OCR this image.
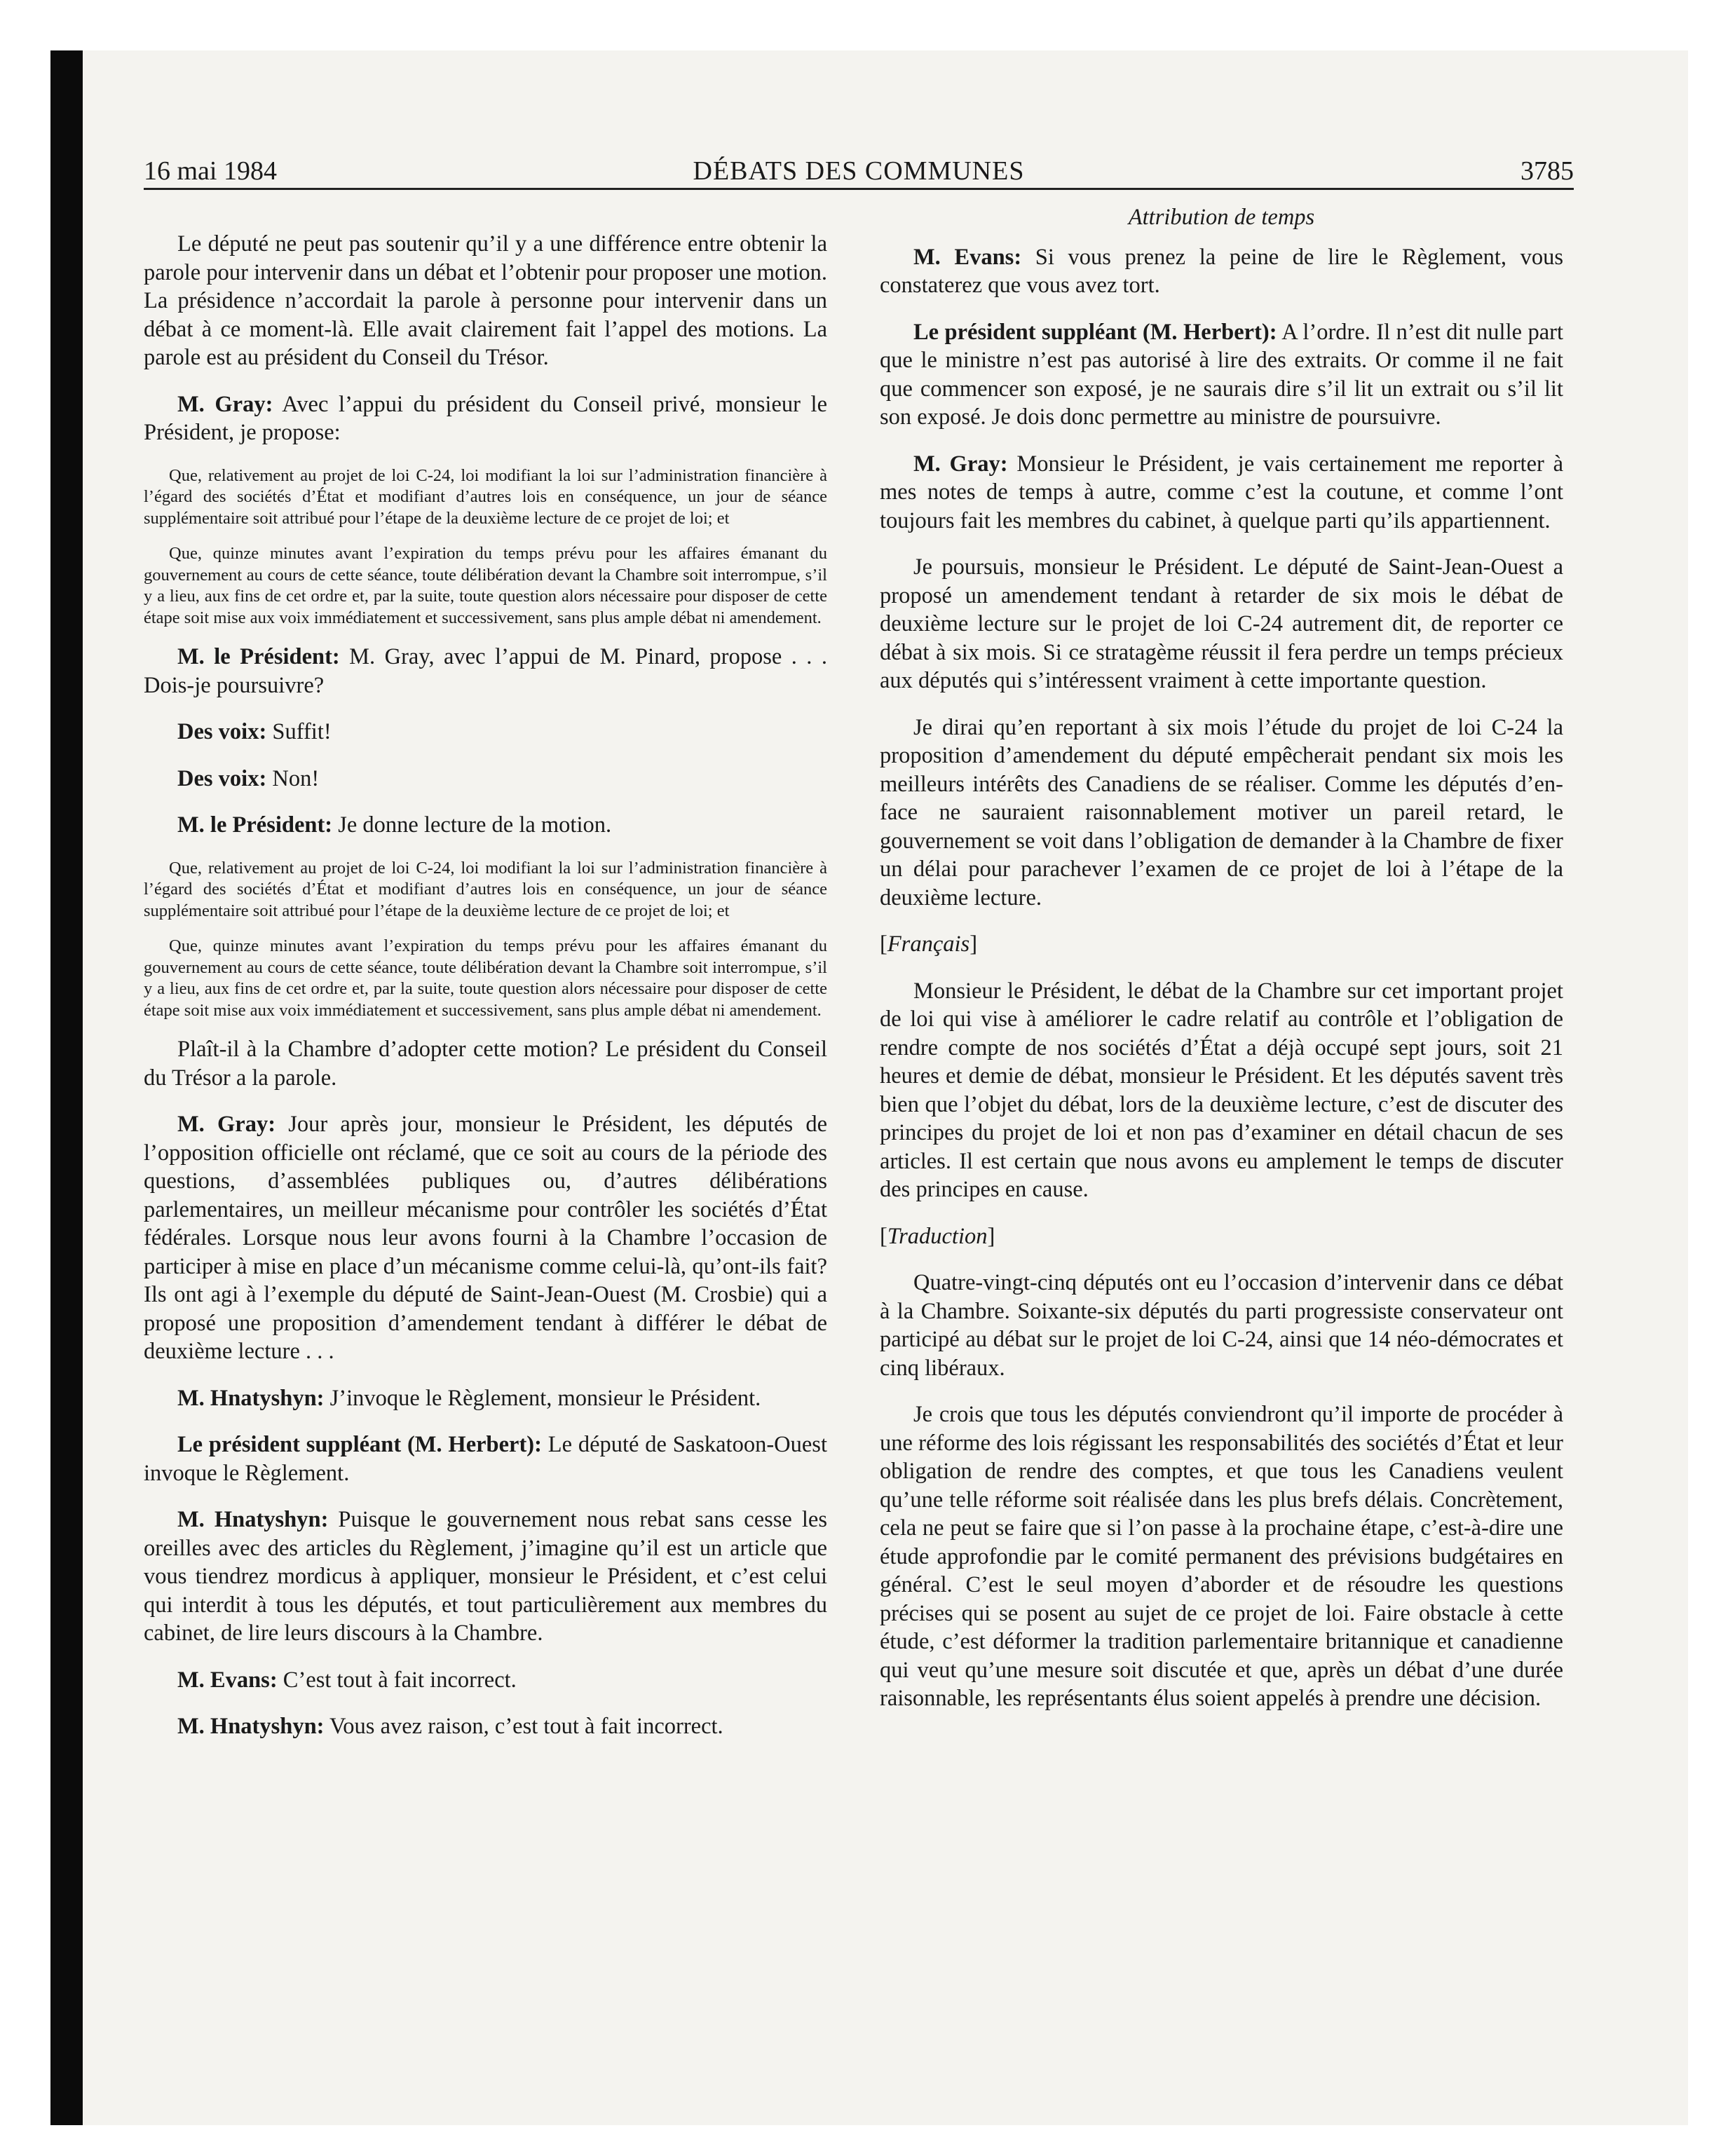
16 mai 1984	DÉBATS DES COMMUNES	3785

Le député ne peut pas soutenir qu’il y a une différence entre obtenir la parole pour intervenir dans un débat et l’obtenir pour proposer une motion. La présidence n’accordait la parole à personne pour intervenir dans un débat à ce moment-là. Elle avait clairement fait l’appel des motions. La parole est au président du Conseil du Trésor.

M. Gray: Avec l’appui du président du Conseil privé, monsieur le Président, je propose:

Que, relativement au projet de loi C-24, loi modifiant la loi sur l’administration financière à l’égard des sociétés d’État et modifiant d’autres lois en conséquence, un jour de séance supplémentaire soit attribué pour l’étape de la deuxième lecture de ce projet de loi; et

Que, quinze minutes avant l’expiration du temps prévu pour les affaires émanant du gouvernement au cours de cette séance, toute délibération devant la Chambre soit interrompue, s’il y a lieu, aux fins de cet ordre et, par la suite, toute question alors nécessaire pour disposer de cette étape soit mise aux voix immédiatement et successivement, sans plus ample débat ni amendement.

M. le Président: M. Gray, avec l’appui de M. Pinard, propose . . . Dois-je poursuivre?

Des voix: Suffit!

Des voix: Non!

M. le Président: Je donne lecture de la motion.

Que, relativement au projet de loi C-24, loi modifiant la loi sur l’administration financière à l’égard des sociétés d’État et modifiant d’autres lois en conséquence, un jour de séance supplémentaire soit attribué pour l’étape de la deuxième lecture de ce projet de loi; et

Que, quinze minutes avant l’expiration du temps prévu pour les affaires émanant du gouvernement au cours de cette séance, toute délibération devant la Chambre soit interrompue, s’il y a lieu, aux fins de cet ordre et, par la suite, toute question alors nécessaire pour disposer de cette étape soit mise aux voix immédiatement et successivement, sans plus ample débat ni amendement.

Plaît-il à la Chambre d’adopter cette motion? Le président du Conseil du Trésor a la parole.

M. Gray: Jour après jour, monsieur le Président, les députés de l’opposition officielle ont réclamé, que ce soit au cours de la période des questions, d’assemblées publiques ou, d’autres délibérations parlementaires, un meilleur mécanisme pour contrôler les sociétés d’État fédérales. Lorsque nous leur avons fourni à la Chambre l’occasion de participer à mise en place d’un mécanisme comme celui-là, qu’ont-ils fait? Ils ont agi à l’exemple du député de Saint-Jean-Ouest (M. Crosbie) qui a proposé une proposition d’amendement tendant à différer le débat de deuxième lecture . . .

M. Hnatyshyn: J’invoque le Règlement, monsieur le Président.

Le président suppléant (M. Herbert): Le député de Saskatoon-Ouest invoque le Règlement.

M. Hnatyshyn: Puisque le gouvernement nous rebat sans cesse les oreilles avec des articles du Règlement, j’imagine qu’il est un article que vous tiendrez mordicus à appliquer, monsieur le Président, et c’est celui qui interdit à tous les députés, et tout particulièrement aux membres du cabinet, de lire leurs discours à la Chambre.

M. Evans: C’est tout à fait incorrect.

M. Hnatyshyn: Vous avez raison, c’est tout à fait incorrect.

Attribution de temps

M. Evans: Si vous prenez la peine de lire le Règlement, vous constaterez que vous avez tort.

Le président suppléant (M. Herbert): A l’ordre. Il n’est dit nulle part que le ministre n’est pas autorisé à lire des extraits. Or comme il ne fait que commencer son exposé, je ne saurais dire s’il lit un extrait ou s’il lit son exposé. Je dois donc permettre au ministre de poursuivre.

M. Gray: Monsieur le Président, je vais certainement me reporter à mes notes de temps à autre, comme c’est la coutune, et comme l’ont toujours fait les membres du cabinet, à quelque parti qu’ils appartiennent.

Je poursuis, monsieur le Président. Le député de Saint-Jean-Ouest a proposé un amendement tendant à retarder de six mois le débat de deuxième lecture sur le projet de loi C-24 autrement dit, de reporter ce débat à six mois. Si ce stratagème réussit il fera perdre un temps précieux aux députés qui s’intéressent vraiment à cette importante question.

Je dirai qu’en reportant à six mois l’étude du projet de loi C-24 la proposition d’amendement du député empêcherait pendant six mois les meilleurs intérêts des Canadiens de se réaliser. Comme les députés d’en-face ne sauraient raisonnablement motiver un pareil retard, le gouvernement se voit dans l’obligation de demander à la Chambre de fixer un délai pour parachever l’examen de ce projet de loi à l’étape de la deuxième lecture.

[Français]

Monsieur le Président, le débat de la Chambre sur cet important projet de loi qui vise à améliorer le cadre relatif au contrôle et l’obligation de rendre compte de nos sociétés d’État a déjà occupé sept jours, soit 21 heures et demie de débat, monsieur le Président. Et les députés savent très bien que l’objet du débat, lors de la deuxième lecture, c’est de discuter des principes du projet de loi et non pas d’examiner en détail chacun de ses articles. Il est certain que nous avons eu amplement le temps de discuter des principes en cause.

[Traduction]

Quatre-vingt-cinq députés ont eu l’occasion d’intervenir dans ce débat à la Chambre. Soixante-six députés du parti progressiste conservateur ont participé au débat sur le projet de loi C-24, ainsi que 14 néo-démocrates et cinq libéraux.

Je crois que tous les députés conviendront qu’il importe de procéder à une réforme des lois régissant les responsabilités des sociétés d’État et leur obligation de rendre des comptes, et que tous les Canadiens veulent qu’une telle réforme soit réalisée dans les plus brefs délais. Concrètement, cela ne peut se faire que si l’on passe à la prochaine étape, c’est-à-dire une étude approfondie par le comité permanent des prévisions budgétaires en général. C’est le seul moyen d’aborder et de résoudre les questions précises qui se posent au sujet de ce projet de loi. Faire obstacle à cette étude, c’est déformer la tradition parlementaire britannique et canadienne qui veut qu’une mesure soit discutée et que, après un débat d’une durée raisonnable, les représentants élus soient appelés à prendre une décision.
